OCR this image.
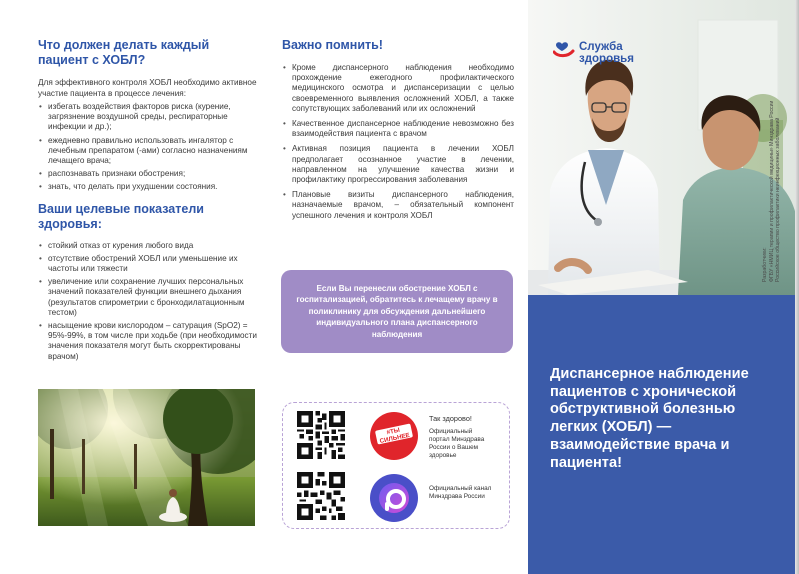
Что должен делать каждый пациент с ХОБЛ?

Для эффективного контроля ХОБЛ необходимо активное участие пациента в процессе лечения:

• избегать воздействия факторов риска (курение, загрязнение воздушной среды, респираторные инфекции и др.);
• ежедневно правильно использовать ингалятор с лечебным препаратом (-ами) согласно назначениям лечащего врача;
• распознавать признаки обострения;
• знать, что делать при ухудшении состояния.
Ваши целевые показатели здоровья:
• стойкий отказ от курения любого вида
• отсутствие обострений ХОБЛ или уменьшение их частоты или тяжести
• увеличение или сохранение лучших персональных значений показателей функции внешнего дыхания (результатов спирометрии с бронходилатационным тестом)
• насыщение крови кислородом – сатурация (SpO2) = 95%-99%, в том числе при ходьбе (при необходимости значения показателя могут быть скорректированы врачом)
Важно помнить!
• Кроме диспансерного наблюдения необходимо прохождение ежегодного профилактического медицинского осмотра и диспансеризации с целью своевременного выявления осложнений ХОБЛ, а также сопутствующих заболеваний или их осложнений
• Качественное диспансерное наблюдение невозможно без взаимодействия пациента с врачом
• Активная позиция пациента в лечении ХОБЛ предполагает осознанное участие в лечении, направленном на улучшение качества жизни и профилактику прогрессирования заболевания
• Плановые визиты диспансерного наблюдения, назначаемые врачом, – обязательный компонент успешного лечения и контроля ХОБЛ
Если Вы перенесли обострение ХОБЛ с госпитализацией, обратитесь к лечащему врачу в поликлинику для обсуждения дальнейшего индивидуального плана диспансерного наблюдения
#ТЫ СИЛЬНЕЕ
Так здорово!
Официальный портал Минздрава России о Вашем здоровье
Официальный канал Минздрава России
Диспансерное наблюдение пациентов с хронической обструктивной болезнью легких (ХОБЛ) — взаимодействие врача и пациента!
Служба
здоровья
Разработчики: ФГБУ «НМИЦ терапии и профилактической медицины» Минздрава России Российское общество профилактики неинфекционных заболеваний
